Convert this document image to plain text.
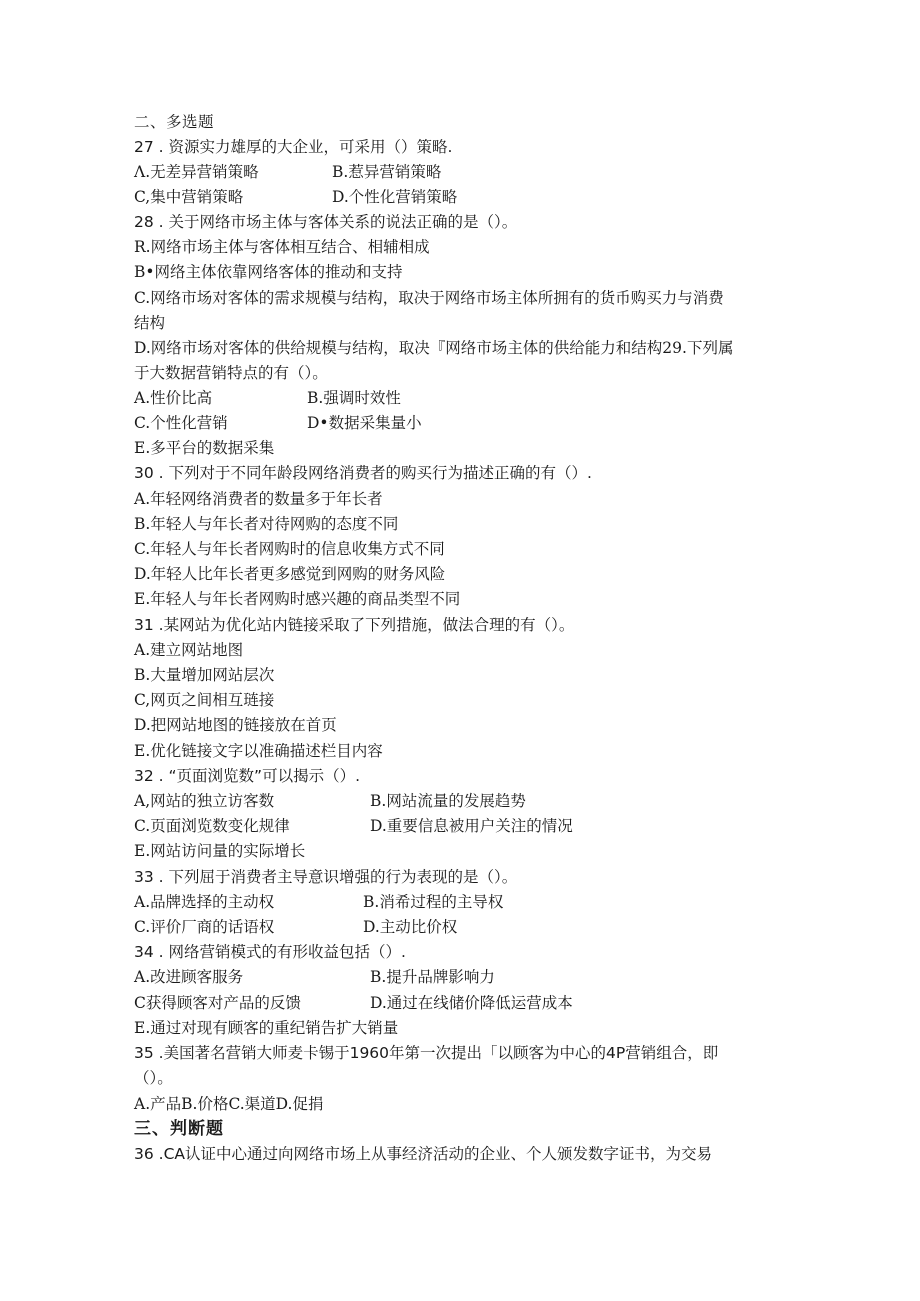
二、多选题
27 . 资源实力雄厚的大企业，可采用（）策略.
Λ.无差异营销策略	B.惹异营销策略
C,集中营销策略	D.个性化营销策略
28 . 关于网络市场主体与客体关系的说法正确的是（）。
R.网络市场主体与客体相互结合、相辅相成
B•网络主体依靠网络客体的推动和支持
C.网络市场对客体的需求规模与结构，取决于网络市场主体所拥有的货币购买力与消费
结构
D.网络市场对客体的供给规模与结构，取决『网络市场主体的供给能力和结构29.下列属
于大数据营销特点的有（）。
A.性价比高	B.强调时效性
C.个性化营销	D•数据采集量小
E.多平台的数据采集
30 . 下列对于不同年龄段网络消费者的购买行为描述正确的有（）.
A.年轻网络消费者的数量多于年长者
B.年轻人与年长者对待网购的态度不同
C.年轻人与年长者网购时的信息收集方式不同
D.年轻人比年长者更多感觉到网购的财务风险
E.年轻人与年长者网购时感兴趣的商品类型不同
31 .某网站为优化站内链接采取了下列措施，做法合理的有（）。
A.建立网站地图
B.大量增加网站层次
C,网页之间相互琏接
D.把网站地图的链接放在首页
E.优化链接文字以准确描述栏目内容
32 . “页面浏览数”可以揭示（）.
A,网站的独立访客数	B.网站流量的发展趋势
C.页面浏览数变化规律	D.重要信息被用户关注的情况
E.网站访问量的实际增长
33 . 下列屈于消费者主导意识增强的行为表现的是（）。
A.品牌选择的主动权	B.消希过程的主导权
C.评价厂商的话语权	D.主动比价权
34 . 网络营销模式的有形收益包括（）.
A.改进顾客服务	B.提升品牌影响力
C获得顾客对产品的反馈	D.通过在线储价降低运营成本
E.通过对现有顾客的重纪销告扩大销量
35 .美国著名营销大师麦卡锡于1960年第一次提出「以顾客为中心的4P营销组合，即
（）。
A.产品B.价格C.渠道D.促捐
三、判断题
36 .CA认证中心通过向网络市场上从事经济活动的企业、个人颁发数字证书，为交易
